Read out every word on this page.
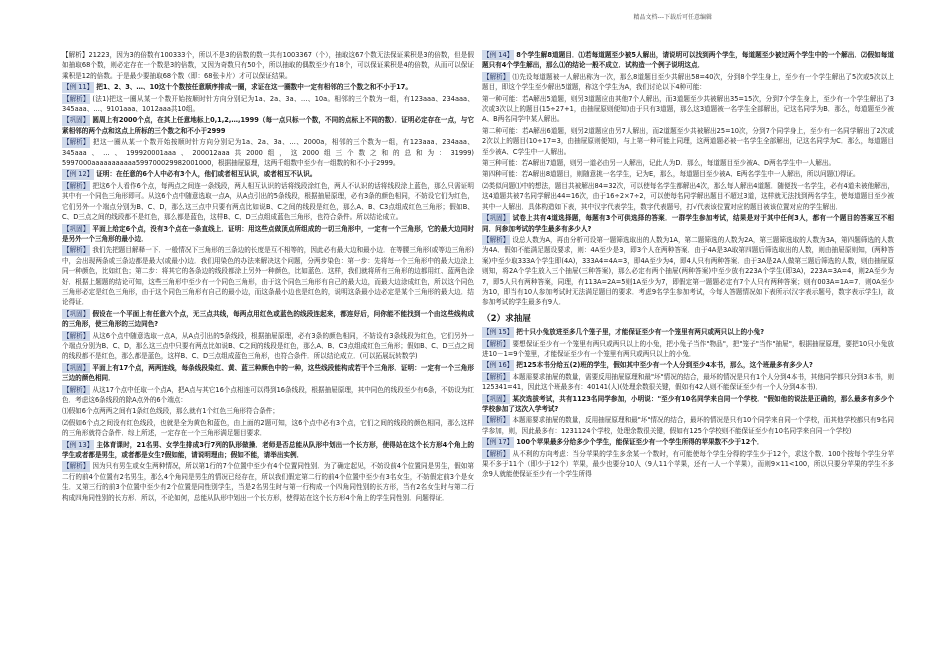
精品文档---下载后可任意编辑
【解析】21223，因为3的倍数有100333个，所以不是3的倍数的数一共有1003367（个），抽取这67个数无法保证乘积是3的倍数，但是假如抽取68个数，则必定存在一个数是3的倍数，又因为奇数只有50个，所以抽取的偶数至少有18个，可以保证乘积是4的倍数，从而可以保证乘积是12的倍数。于是最少要抽取68个数（即：68张卡片）才可以保证结果。
【例 11】 把1、2、3、…、10这十个数按任意顺序排成一圈，求证在这一圈数中一定有相邻的三个数之和不小于17。
【解析】 (法1)把这一圈从某一个数开始按顺时针方向分别记为1a、2a、3a、…、10a。相邻的三个数为一组，有123aaa、234aaa、345aaa、…、9101aaa、1012aaa共10组。
【巩固】 圆周上有2000个点，在其上任意地标上0,1,2,…,1999（每一点只标一个数，不同的点标上不同的数）．证明必定存在一点，与它紧相邻的两个点和这点上所标的三个数之和不小于2999
【解析】 把这一圈从某一个数开始按顺时针方向分别记为1a、2a、3a、…、2000a，相邻的三个数为一组，有123aaa、234aaa、345aaa、…、199920001aaa、200012aaa共2000组，这2000组三个数之和的总和为：31999) 5997000aaaaaaaaaaa599700029982001000，根据抽屉原理，这两千组数中至少有一组数的和不小于2999。
【例 12】 证明：在任意的6个人中必有3个人，他们或者相互认识，或者相互不认识。
【解析】 把这6个人看作6个点，每两点之间连一条线段，两人相互认识的话将线段涂红色，两人不认识的话将线段涂上蓝色，那么只需证明其中有一个同色三角形即可。从这6个点中随意选取一点A，从A点引出的5条线段，根据抽屉原理，必有3条的颜色相同，不妨设它们为红色，它们另外一个端点分别为B、C、D，那么这三点中只要有两点比如说B、C之间的线段是红色，那么A、B、C3点组成红色三角形；假如B、C、D三点之间的线段都不是红色，那么都是蓝色，这样B、C、D三点组成蓝色三角形，也符合条件。所以结论成立。
【巩固】 平面上给定6个点，没有3个点在一条直线上．证明：用这些点做顶点所组成的一切三角形中，一定有一个三角形，它的最大边同时是另外一个三角形的最小边．
【解析】 我们先把题目解释一下．一般情况下三角形的三条边的长度是互不相等的，因此必有最大边和最小边．在等腰三角形(或等边三角形)中，会出现两条或三条边都是最大(或最小)边．我们用染色的办法来解决这个问题，分两步染色：第一步：先将每一个三角形中的最大边涂上同一种颜色，比如红色；第二步：将其它的各条边的线段都涂上另外一种颜色，比如蓝色．这样，我们就将所有三角形的边都用红、蓝两色涂好．根据上题题的结论可知，这些三角形中至少有一个同色三角形，由于这个同色三角形有自己的最大边，而最大边涂成红色，所以这个同色三角形必定是红色三角形，由于这个同色三角形有自己的最小边，而这条最小边也是红色的，说明这条最小边必定是某个三角形的最大边．结论得证．
【巩固】 假设在一个平面上有任意六个点，无三点共线，每两点用红色或蓝色的线段连起来，都连好后，问你能不能找到一个由这些线构成的三角形，使三角形的三边同色?
【解析】 从这6个点中随意选取一点A，从A点引出的5条线段，根据抽屉原理，必有3条的颜色相同，不妨设有3条线段为红色，它们另外一个端点分别为B、C、D，那么这三点中只要有两点比如说B、C之间的线段是红色，那么A、B、C3点组成红色三角形；假如B、C、D三点之间的线段都不是红色，那么都是蓝色，这样B、C、D三点组成蓝色三角形，也符合条件．所以结论成立．(可以拓展玩转数学)
【巩固】 平面上有17个点，两两连线，每条线段染红、黄、蓝三种颜色中的一种，这些线段能构成若干个三角形．证明：一定有一个三角形三边的颜色相同．
【解析】 从这17个点中任取一个点A，把A点与其它16个点相连可以得到16条线段，根据抽屉原理，其中同色的线段至少有6条，不妨设为红色．考虑这6条线段的除A点外的6个端点：
⑴假如6个点两两之间有1条红色线段，那么就有1个红色三角形符合条件；
⑵假如6个点之间没有红色线段，也就是全为黄色和蓝色，由上面的2题可知，这6个点中必有3个点，它们之间的线段的颜色相同，那么这样的三角形就符合条件．综上所述，一定存在一个三角形满足题目要求．
【例 13】 主体育课时，21名男、女学生排成3行7列的队形做操．老师是否总能从队形中划出一个长方形，使得站在这个长方形4个角上的学生或者都是男生，或者都是女生?假如能，请说明理由；假如不能，请举出实例．
【解析】 因为只有男生或女生两种情况，所以第1行的7个位置中至少有4个位置同性别．为了确定起见，不妨设前4个位置同是男生，假如第二行的前4个位置有2名男生，那么4个角同是男生的情况已经存在，所以我们假定第二行的前4个位置中至少有3名女生，不妨假定前3个是女生．又第三行的前3个位置中至少有2个位置是同性别学生，当是2名男生时与第一行构成一个四角同性别的长方形，当有2名女生时与第二行构成四角同性别的长方形．所以，不论如何，总能从队形中划出一个长方形，使得站在这个长方形4个角上的学生同性别．问题得证．
【例 14】 8个学生解8道题目．⑴若每道题至少被5人解出，请说明可以找到两个学生，每道题至少被过两个学生中的一个解出．⑵假如每道题只有4个学生解出，那么⑴的结论一般不成立．试构造一个例子说明这点．
【解析】 ⑴先设每道题被一人解出称为一次，那么8道题目至少共解出58=40次，分到8个学生身上，至少有一个学生解出了5次或5次以上题目，即这个学生至少解出5道题，称这个学生为A，我们讨论以下4种可能：
第一种可能：若A解出5道题，则另3道题应由其他7个人解出，而3道题至少共被解出35=15次，分到7个学生身上，至少有一个学生解出了3次或3次以上的题目(15÷27+1，由抽屉原则便知)由于只有3道题，那么这3道题被一名学生全部解出，记这名同学为B．那么，每道题至少被A、B两名同学中某人解出。
第二种可能：若A解出6道题，则另2道题应由另7人解出，而2道题至少共被解出25=10次，分到7个同学身上，至少有一名同学解出了2次或2次以上的题目(10÷17=3，由抽屉原则便知)，与上第一种可能上同理，这两道题必被一名学生全部解出，记这名同学为C．那么，每道题目至少被A、C学生中一人解出。
第三种可能：若A解出7道题，则另一道必由另一人解出，记此人为D．那么，每道题目至少被A、D两名学生中一人解出。
第四种可能：若A解出8道题目，则随意挑一名学生，记为E，那么，每道题目至少被A、E两名学生中一人解出，所以问题⑴得证。
⑵类似问题⑴中的想法，题目共被解出84=32次，可以使每名学生都解出4次，那么每人解出4道题．随便找一名学生，必有4道未被他解出，这4道题共被7名同学解出44=16次，由于16÷2×7÷2，可以使每名同学解出题目不超过3道，这样就无法找到两名学生，使每道题目至少被其中一人解出．具体构造如下表，其中汉字代表学生，数字代表题号，打√代表该位置对应的题目被该位置对应的学生解出．
【巩固】 试卷上共有4道选择题，每题有3个可供选择的答案．一群学生参加考试，结果是对于其中任何3人，都有一个题目的答案互不相同．问参加考试的学生最多有多少人?
【解析】 设总人数为A，再由分析可设第一题筛选取出的人数为1A，第二题筛选的人数为2A，第三题筛选取的人数为3A，第四题筛选的人数为4A．假如不能满足题设要求，则：4A至少是3，即3个人在两种答案．由于4A是3A取第四题后筛选取出的人数，则由抽屉原则知，(两种答案)中至少取333A个学生即(4A)，333A4=4A=3，即4A至少为4，即4人只有两种答案．由于3A是2A人做第三题后筛选的人数，则由抽屉原则知，将2A个学生放入三个抽屉(三种答案)，那么必定有两个抽屉(两种答案)中至少放有223A个学生(即3A)，223A=3A=4，则2A至少为7，即5人只有两种答案，同理，有113A=2A=5则1A至少为7，即假定第一题题必定有7个人只有两种答案；则有003A=1A=7．则0A至少为10，即当有10人参加考试时无法满足题目的要求．考虑9名学生参加考试，今每人答题情况如下表所示(汉字表示题号，数字表示学生)，故参加考试的学生最多有9人．
（2）求抽屉
【例 15】 把十只小兔放进至多几个笼子里，才能保证至少有一个笼里有两只或两只以上的小兔?
【解析】 要想保证至少有一个笼里有两只或两只以上的小兔，把小兔子当作"物品"，把"笼子"当作"抽屉"，根据抽屉原理，要把10只小兔放进10－1=9个笼里，才能保证至少有一个笼里有两只或两只以上的小兔．
【例 16】 把125本书分给五(2)班的学生，假如其中至少有一个人分到至少4本书，那么，这个班最多有多少人?
【解析】 本题需要求抽屉的数量，需要反用抽屉原理和最"坏"情况的结合，最坏的情况是只有1个人分到4本书，其他同学都只分到3本书，则125341=41，因此这个班最多有：40141(人)(处理余数很关键，假如有42人则不能保证至少有一个人分到4本书)．
【巩固】 某次选拔考试，共有1123名同学参加，小明说："至少有10名同学来自同一个学校．"假如他的说法是正确的，那么最多有多少个学校参加了这次入学考试?
【解析】 本题需要求抽屉的数量，反用抽屉原理和最"坏"情况的结合，最坏的情况是只有10个同学来自同一个学校，而其他学校都只有9名同学参加，则，因此最多有：1231124个学校，处理余数很关键，假如有125个学校则不能保证至少有10名同学来自同一个学校)
【例 17】 100个苹果最多分给多少个学生，能保证至少有一个学生所得的苹果数不少于12个．
【解析】 从不利的方向考虑：当分苹果的学生多余某一个数时，有可能使每个学生分得的学生少于12个，求这个数．100个按每个学生分苹果不多于11个（即少于12个）苹果，最少也要分10人（9人11个苹果，还有一人一个苹果），而则9×11<100，所以只要分苹果的学生不多余9人就能使保证至少有一个学生所得
